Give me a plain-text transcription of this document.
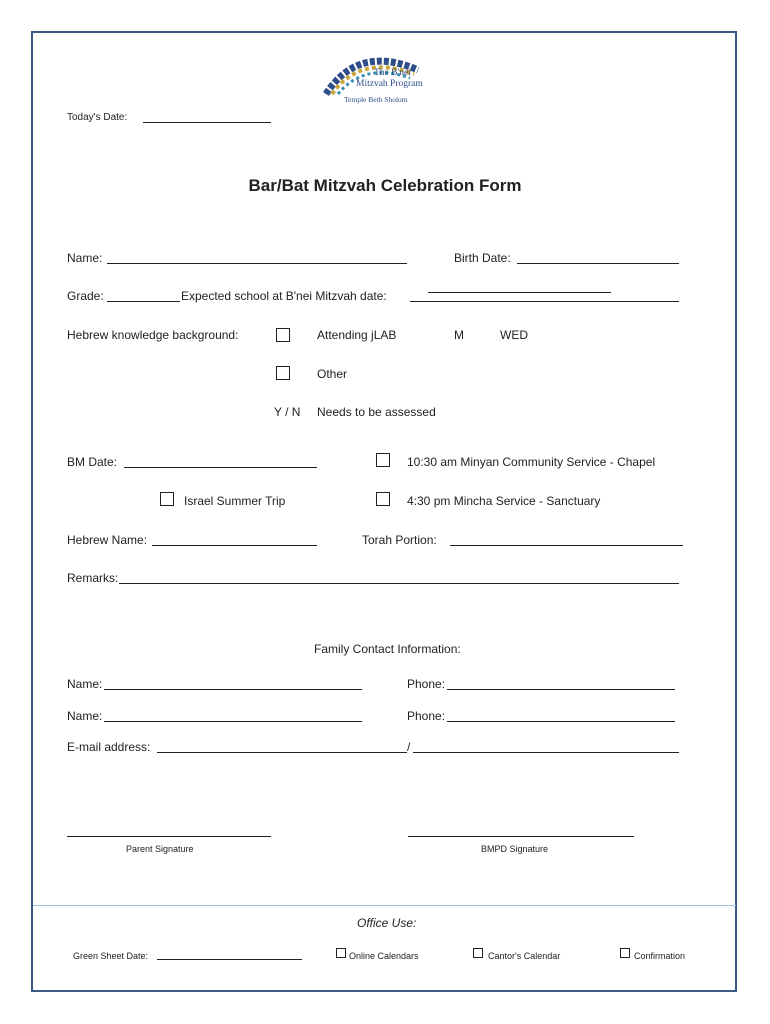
The B'nei
Mitzvah Program
Temple Beth Sholom
Today's Date:
Bar/Bat Mitzvah Celebration Form
Name:	Birth Date:
Grade:	Expected school at B'nei Mitzvah date:
Hebrew knowledge background:	Attending jLAB	M	WED
Other
Y / N Needs to be assessed
BM Date:	10:30 am Minyan Community Service - Chapel
Israel Summer Trip	4:30 pm Mincha Service - Sanctuary
Hebrew Name:	Torah Portion:
Remarks:
Family Contact Information:
Name:	Phone:
Name:	Phone:
E-mail address:	/
Parent Signature	BMPD Signature
Office Use:
Green Sheet Date:	Online Calendars	Cantor's Calendar	Confirmation
